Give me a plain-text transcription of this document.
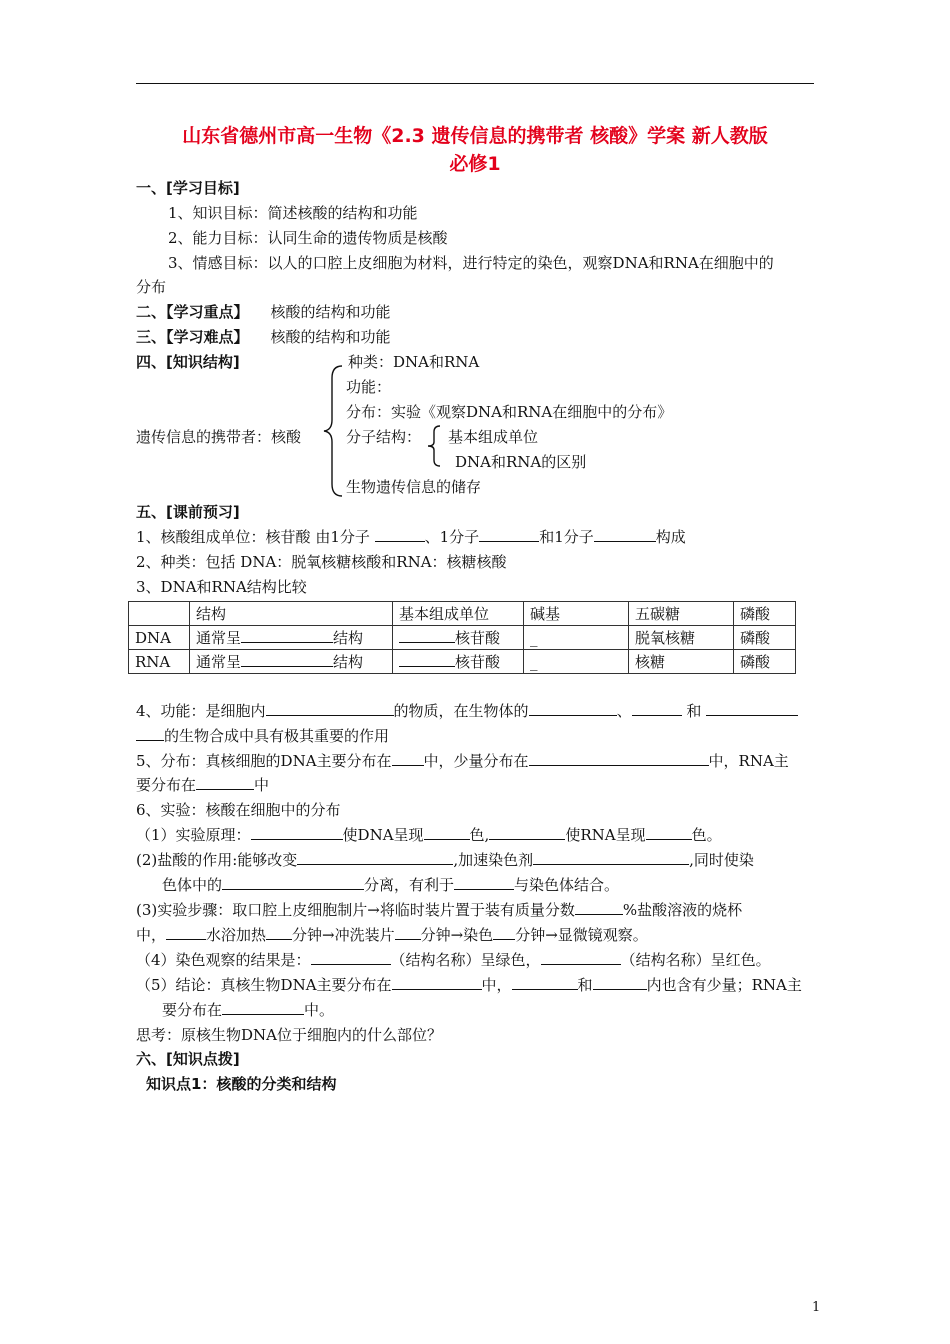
山东省德州市高一生物《2.3 遗传信息的携带者 核酸》学案 新人教版
必修1
一、[学习目标]
1、知识目标：简述核酸的结构和功能
2、能力目标：认同生命的遗传物质是核酸
3、情感目标：以人的口腔上皮细胞为材料，进行特定的染色，观察DNA和RNA在细胞中的
分布
二、【学习重点】 核酸的结构和功能
三、【学习难点】 核酸的结构和功能
四、[知识结构]	种类：DNA和RNA
功能：
分布：实验《观察DNA和RNA在细胞中的分布》
遗传信息的携带者：核酸	分子结构： 基本组成单位
DNA和RNA的区别
生物遗传信息的储存
五、[课前预习]
1、核酸组成单位：核苷酸 由1分子	、1分子	和1分子	构成
2、种类：包括 DNA：脱氧核糖核酸和RNA：核糖核酸
3、DNA和RNA结构比较
	结构	基本组成单位	碱基	五碳糖	磷酸
DNA	通常呈 结构	核苷酸	_	脱氧核糖	磷酸
RNA	通常呈 结构	核苷酸	_	核糖	磷酸
4、功能：是细胞内	的物质，在生物体的	、	和
的生物合成中具有极其重要的作用
5、分布：真核细胞的DNA主要分布在 中，少量分布在	中，RNA主
要分布在	中
6、实验：核酸在细胞中的分布
（1）实验原理：	使DNA呈现	色,	使RNA呈现	色。
(2)盐酸的作用:能够改变	,加速染色剂	,同时使染
色体中的	分离，有利于	与染色体结合。
(3)实验步骤：取口腔上皮细胞制片→将临时装片置于装有质量分数	%盐酸溶液的烧杯
中，	水浴加热 分钟→冲洗装片 分钟→染色 分钟→显微镜观察。
（4）染色观察的结果是：	（结构名称）呈绿色，	（结构名称）呈红色。
（5）结论：真核生物DNA主要分布在	中，	和	内也含有少量；RNA主
要分布在	中。
思考：原核生物DNA位于细胞内的什么部位？
六、[知识点拨]
知识点1：核酸的分类和结构
1
